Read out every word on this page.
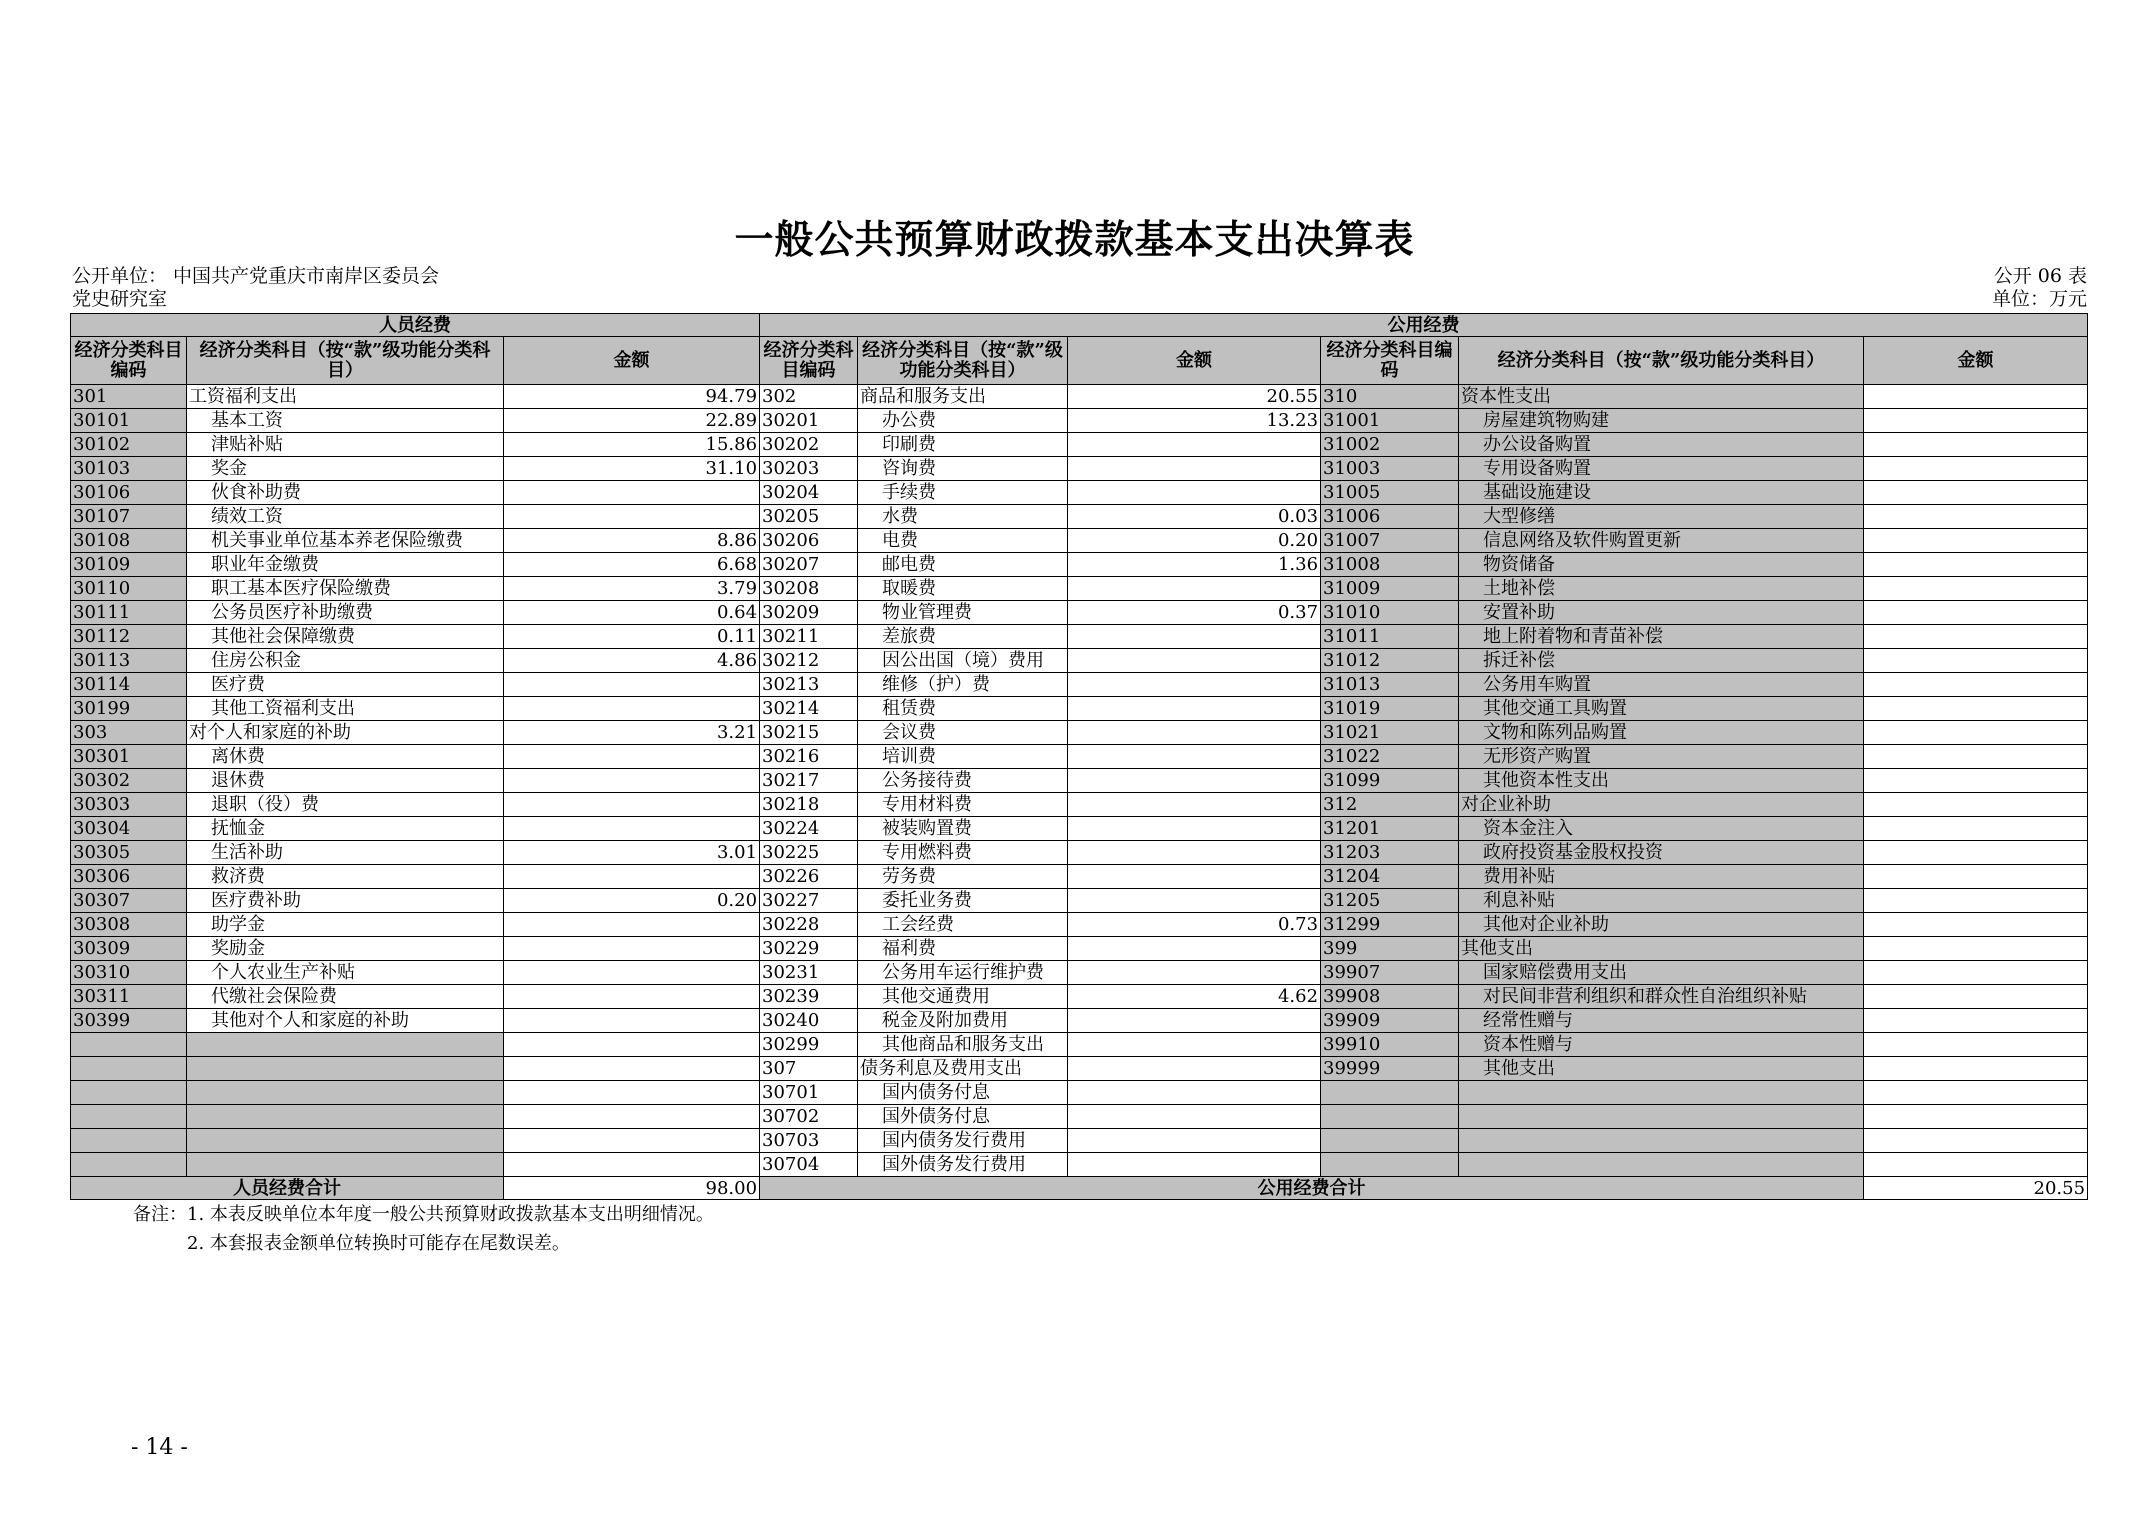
一般公共预算财政拨款基本支出决算表
公开单位： 中国共产党重庆市南岸区委员会
党史研究室
公开 06 表
单位：万元
人员经费			公用经费					
经济分类科目编码	经济分类科目（按“款”级功能分类科目）	金额	经济分类科目编码	经济分类科目（按“款”级功能分类科目）	金额	经济分类科目编码	经济分类科目（按“款”级功能分类科目）	金额
301	工资福利支出	94.79	302	商品和服务支出	20.55	310	资本性支出	
30101	基本工资	22.89	30201	办公费	13.23	31001	房屋建筑物购建	
30102	津贴补贴	15.86	30202	印刷费		31002	办公设备购置	
30103	奖金	31.10	30203	咨询费		31003	专用设备购置	
30106	伙食补助费		30204	手续费		31005	基础设施建设	
30107	绩效工资		30205	水费	0.03	31006	大型修缮	
30108	机关事业单位基本养老保险缴费	8.86	30206	电费	0.20	31007	信息网络及软件购置更新	
30109	职业年金缴费	6.68	30207	邮电费	1.36	31008	物资储备	
30110	职工基本医疗保险缴费	3.79	30208	取暖费		31009	土地补偿	
30111	公务员医疗补助缴费	0.64	30209	物业管理费	0.37	31010	安置补助	
30112	其他社会保障缴费	0.11	30211	差旅费		31011	地上附着物和青苗补偿	
30113	住房公积金	4.86	30212	因公出国（境）费用		31012	拆迁补偿	
30114	医疗费		30213	维修（护）费		31013	公务用车购置	
30199	其他工资福利支出		30214	租赁费		31019	其他交通工具购置	
303	对个人和家庭的补助	3.21	30215	会议费		31021	文物和陈列品购置	
30301	离休费		30216	培训费		31022	无形资产购置	
30302	退休费		30217	公务接待费		31099	其他资本性支出	
30303	退职（役）费		30218	专用材料费		312	对企业补助	
30304	抚恤金		30224	被装购置费		31201	资本金注入	
30305	生活补助	3.01	30225	专用燃料费		31203	政府投资基金股权投资	
30306	救济费		30226	劳务费		31204	费用补贴	
30307	医疗费补助	0.20	30227	委托业务费		31205	利息补贴	
30308	助学金		30228	工会经费	0.73	31299	其他对企业补助	
30309	奖励金		30229	福利费		399	其他支出	
30310	个人农业生产补贴		30231	公务用车运行维护费		39907	国家赔偿费用支出	
30311	代缴社会保险费		30239	其他交通费用	4.62	39908	对民间非营利组织和群众性自治组织补贴	
30399	其他对个人和家庭的补助		30240	税金及附加费用		39909	经常性赠与	
			30299	其他商品和服务支出		39910	资本性赠与	
			307	债务利息及费用支出		39999	其他支出	
			30701	国内债务付息				
			30702	国外债务付息				
			30703	国内债务发行费用				
			30704	国外债务发行费用				
人员经费合计		98.00	公用经费合计					20.55
备注：1. 本表反映单位本年度一般公共预算财政拨款基本支出明细情况。
2. 本套报表金额单位转换时可能存在尾数误差。
- 14 -
